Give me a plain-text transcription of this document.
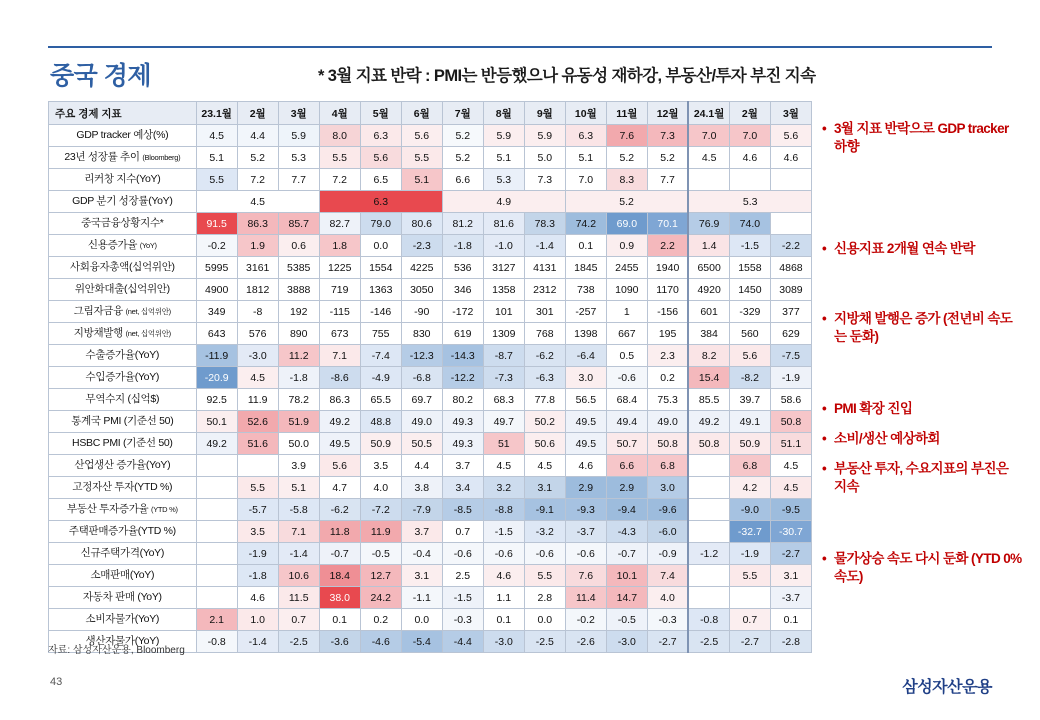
중국 경제	* 3월 지표 반락 : PMI는 반등했으나 유동성 재하강, 부동산/투자 부진 지속
주요 경제 지표	23.1월	2월	3월	4월	5월	6월	7월	8월	9월	10월	11월	12월	24.1월	2월	3월
GDP tracker 예상(%)	4.5	4.4	5.9	8.0	6.3	5.6	5.2	5.9	5.9	6.3	7.6	7.3	7.0	7.0	5.6
23년 성장률 추이 (Bloomberg)	5.1	5.2	5.3	5.5	5.6	5.5	5.2	5.1	5.0	5.1	5.2	5.2	4.5	4.6	4.6
리커창 지수(YoY)	5.5	7.2	7.7	7.2	6.5	5.1	6.6	5.3	7.3	7.0	8.3	7.7			
GDP 분기 성장률(YoY)	4.5			6.3			4.9			5.2			5.3		
중국금융상황지수*	91.5	86.3	85.7	82.7	79.0	80.6	81.2	81.6	78.3	74.2	69.0	70.1	76.9	74.0	
신용증가율 (YoY)	-0.2	1.9	0.6	1.8	0.0	-2.3	-1.8	-1.0	-1.4	0.1	0.9	2.2	1.4	-1.5	-2.2
사회융자총액(십억위안)	5995	3161	5385	1225	1554	4225	536	3127	4131	1845	2455	1940	6500	1558	4868
위안화대출(십억위안)	4900	1812	3888	719	1363	3050	346	1358	2312	738	1090	1170	4920	1450	3089
그림자금융 (net, 십억위안)	349	-8	192	-115	-146	-90	-172	101	301	-257	1	-156	601	-329	377
지방채발행 (net, 십억위안)	643	576	890	673	755	830	619	1309	768	1398	667	195	384	560	629
수출증가율(YoY)	-11.9	-3.0	11.2	7.1	-7.4	-12.3	-14.3	-8.7	-6.2	-6.4	0.5	2.3	8.2	5.6	-7.5
수입증가율(YoY)	-20.9	4.5	-1.8	-8.6	-4.9	-6.8	-12.2	-7.3	-6.3	3.0	-0.6	0.2	15.4	-8.2	-1.9
무역수지 (십억$)	92.5	11.9	78.2	86.3	65.5	69.7	80.2	68.3	77.8	56.5	68.4	75.3	85.5	39.7	58.6
통계국 PMI (기준선 50)	50.1	52.6	51.9	49.2	48.8	49.0	49.3	49.7	50.2	49.5	49.4	49.0	49.2	49.1	50.8
HSBC PMI (기준선 50)	49.2	51.6	50.0	49.5	50.9	50.5	49.3	51	50.6	49.5	50.7	50.8	50.8	50.9	51.1
산업생산 증가율(YoY)			3.9	5.6	3.5	4.4	3.7	4.5	4.5	4.6	6.6	6.8		6.8	4.5
고정자산 투자(YTD %)		5.5	5.1	4.7	4.0	3.8	3.4	3.2	3.1	2.9	2.9	3.0		4.2	4.5
부동산 투자증가율 (YTD %)		-5.7	-5.8	-6.2	-7.2	-7.9	-8.5	-8.8	-9.1	-9.3	-9.4	-9.6		-9.0	-9.5
주택판매증가율(YTD %)		3.5	7.1	11.8	11.9	3.7	0.7	-1.5	-3.2	-3.7	-4.3	-6.0		-32.7	-30.7
신규주택가격(YoY)		-1.9	-1.4	-0.7	-0.5	-0.4	-0.6	-0.6	-0.6	-0.6	-0.7	-0.9	-1.2	-1.9	-2.7
소매판매(YoY)		-1.8	10.6	18.4	12.7	3.1	2.5	4.6	5.5	7.6	10.1	7.4		5.5	3.1
자동차 판매 (YoY)		4.6	11.5	38.0	24.2	-1.1	-1.5	1.1	2.8	11.4	14.7	4.0			-3.7
소비자물가(YoY)	2.1	1.0	0.7	0.1	0.2	0.0	-0.3	0.1	0.0	-0.2	-0.5	-0.3	-0.8	0.7	0.1
생산자물가(YoY)	-0.8	-1.4	-2.5	-3.6	-4.6	-5.4	-4.4	-3.0	-2.5	-2.6	-3.0	-2.7	-2.5	-2.7	-2.8
자료: 삼성자산운용, Bloomberg
• 3월 지표 반락으로 GDP tracker 하향
• 신용지표 2개월 연속 반락
• 지방채 발행은 증가 (전년비 속도는 둔화)
• PMI 확장 진입
• 소비/생산 예상하회
• 부동산 투자, 수요지표의 부진은 지속
• 물가상승 속도 다시 둔화 (YTD 0% 속도)
43	삼성자산운용
